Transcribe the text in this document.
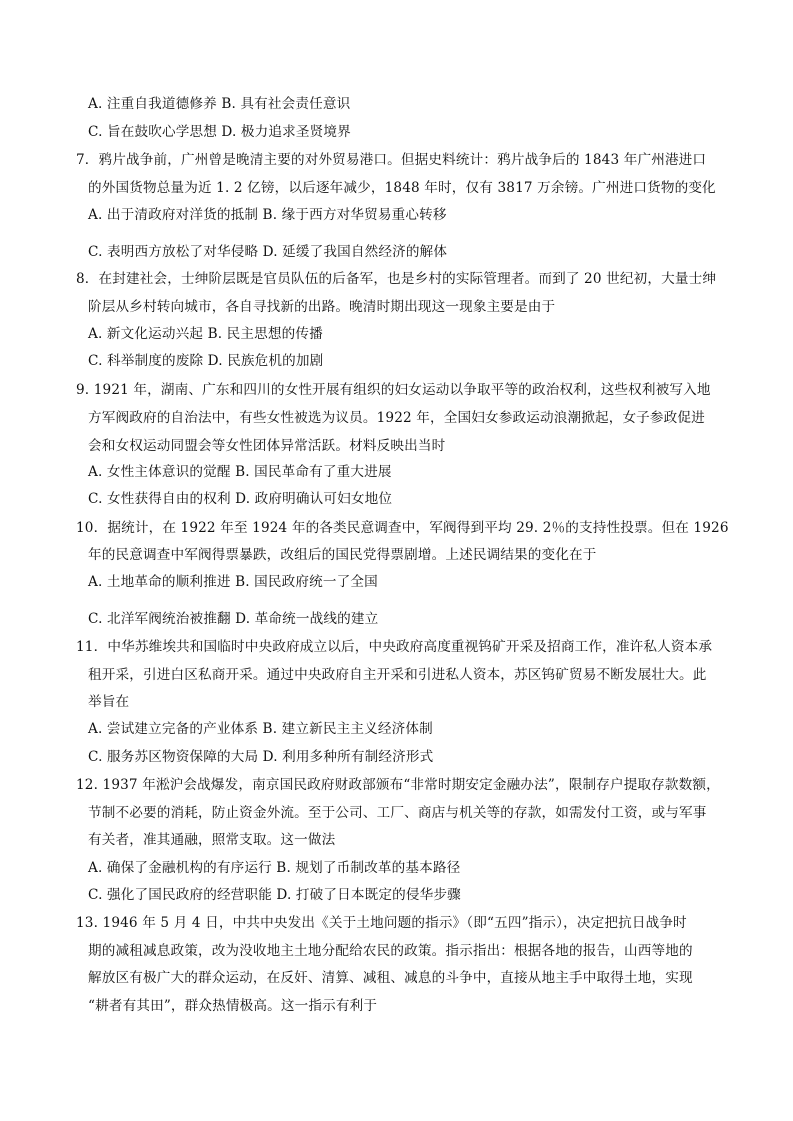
A. 注重自我道德修养 B. 具有社会责任意识
C. 旨在鼓吹心学思想 D. 极力追求圣贤境界
7．鸦片战争前，广州曾是晚清主要的对外贸易港口。但据史料统计：鸦片战争后的 1843 年广州港进口
的外国货物总量为近 1. 2 亿镑，以后逐年减少，1848 年时，仅有 3817 万余镑。广州进口货物的变化
A. 出于清政府对洋货的抵制 B. 缘于西方对华贸易重心转移
C. 表明西方放松了对华侵略 D. 延缓了我国自然经济的解体
8．在封建社会，士绅阶层既是官员队伍的后备军，也是乡村的实际管理者。而到了 20 世纪初，大量士绅
阶层从乡村转向城市，各自寻找新的出路。晚清时期出现这一现象主要是由于
A. 新文化运动兴起 B. 民主思想的传播
C. 科举制度的废除 D. 民族危机的加剧
9. 1921 年，湖南、广东和四川的女性开展有组织的妇女运动以争取平等的政治权利，这些权利被写入地
方军阀政府的自治法中，有些女性被选为议员。1922 年，全国妇女参政运动浪潮掀起，女子参政促进
会和女权运动同盟会等女性团体异常活跃。材料反映出当时
A. 女性主体意识的觉醒 B. 国民革命有了重大进展
C. 女性获得自由的权利 D. 政府明确认可妇女地位
10．据统计，在 1922 年至 1924 年的各类民意调查中，军阀得到平均 29. 2％的支持性投票。但在 1926
年的民意调查中军阀得票暴跌，改组后的国民党得票剧增。上述民调结果的变化在于
A. 土地革命的顺利推进 B. 国民政府统一了全国
C. 北洋军阀统治被推翻 D. 革命统一战线的建立
11．中华苏维埃共和国临时中央政府成立以后，中央政府高度重视钨矿开采及招商工作，准许私人资本承
租开采，引进白区私商开采。通过中央政府自主开采和引进私人资本，苏区钨矿贸易不断发展壮大。此
举旨在
A. 尝试建立完备的产业体系 B. 建立新民主主义经济体制
C. 服务苏区物资保障的大局 D. 利用多种所有制经济形式
12. 1937 年淞沪会战爆发，南京国民政府财政部颁布“非常时期安定金融办法”，限制存户提取存款数额，
节制不必要的消耗，防止资金外流。至于公司、工厂、商店与机关等的存款，如需发付工资，或与军事
有关者，准其通融，照常支取。这一做法
A. 确保了金融机构的有序运行 B. 规划了币制改革的基本路径
C. 强化了国民政府的经营职能 D. 打破了日本既定的侵华步骤
13. 1946 年 5 月 4 日，中共中央发出《关于土地问题的指示》（即“五四”指示），决定把抗日战争时
期的减租减息政策，改为没收地主土地分配给农民的政策。指示指出：根据各地的报告，山西等地的
解放区有极广大的群众运动，在反奸、清算、减租、减息的斗争中，直接从地主手中取得土地，实现
“耕者有其田”，群众热情极高。这一指示有利于
